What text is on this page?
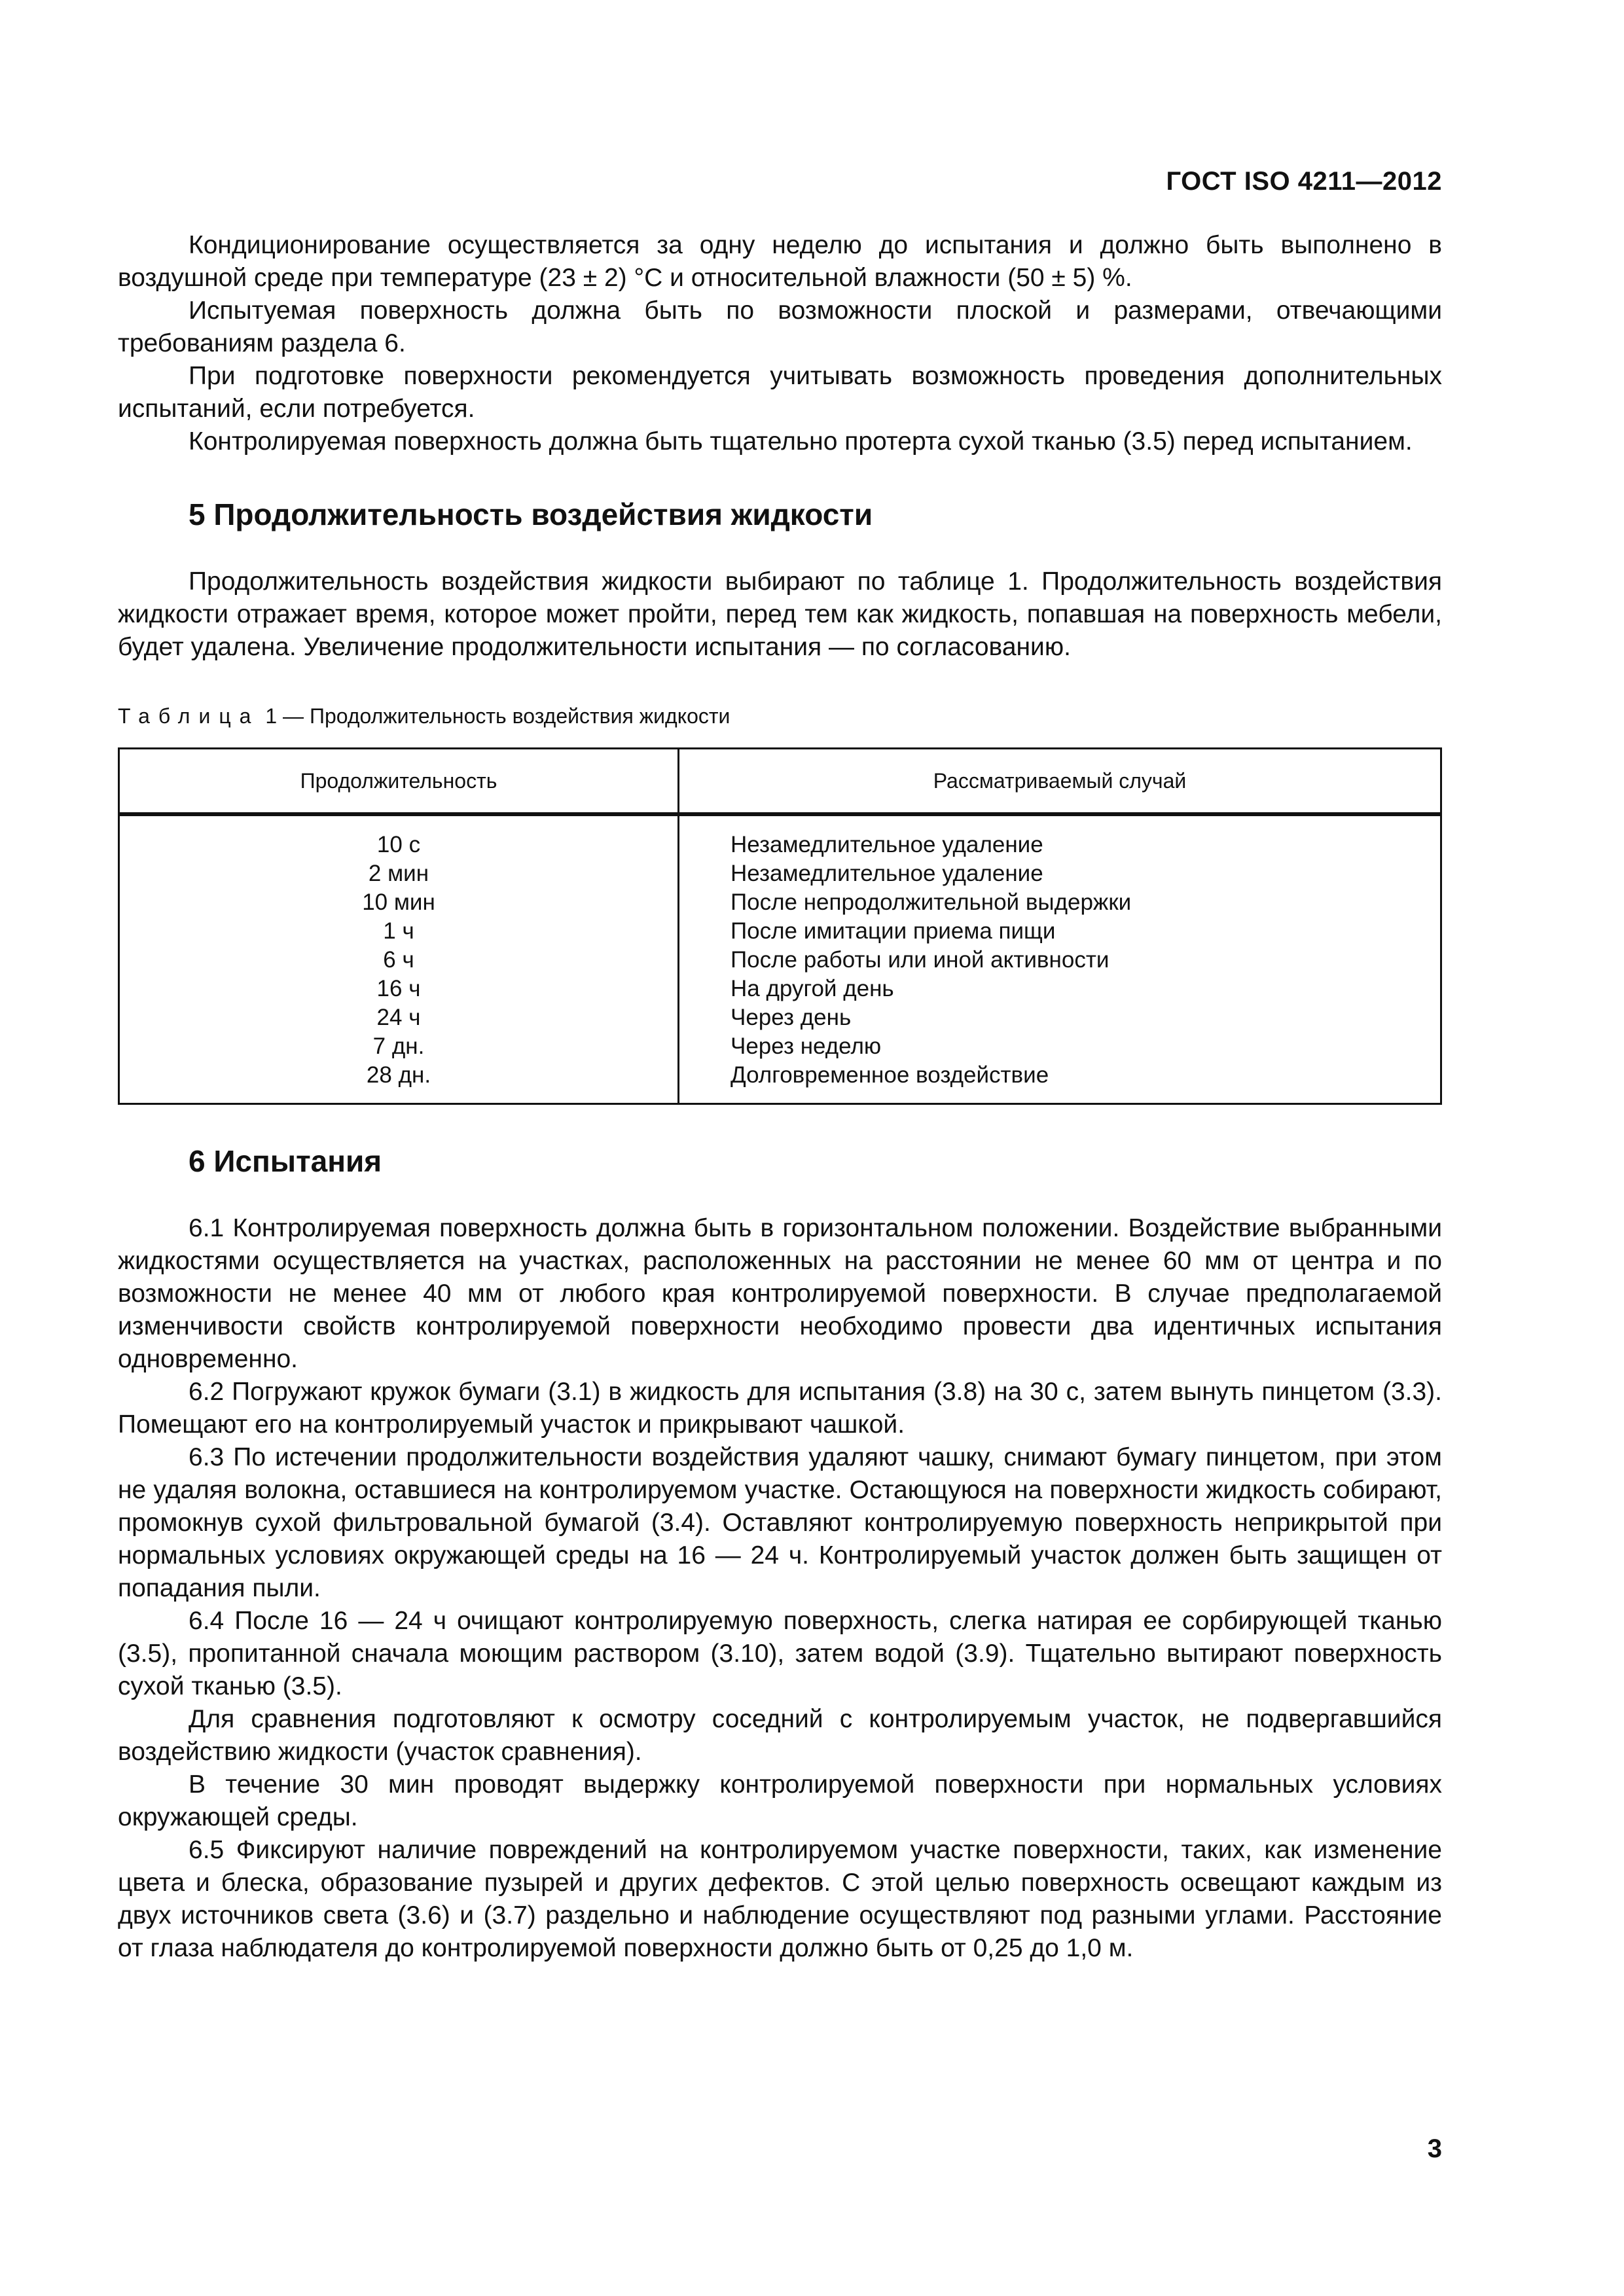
ГОСТ ISO 4211—2012

Кондиционирование осуществляется за одну неделю до испытания и должно быть выполнено в воздушной среде при температуре (23 ± 2) °С и относительной влажности (50 ± 5) %.

Испытуемая поверхность должна быть по возможности плоской и размерами, отвечающими требованиям раздела 6.

При подготовке поверхности рекомендуется учитывать возможность проведения дополнительных испытаний, если потребуется.

Контролируемая поверхность должна быть тщательно протерта сухой тканью (3.5) перед испытанием.

5 Продолжительность воздействия жидкости

Продолжительность воздействия жидкости выбирают по таблице 1. Продолжительность воздействия жидкости отражает время, которое может пройти, перед тем как жидкость, попавшая на поверхность мебели, будет удалена. Увеличение продолжительности испытания — по согласованию.

Таблица 1 — Продолжительность воздействия жидкости
Продолжительность	Рассматриваемый случай
10 с	Незамедлительное удаление
2 мин	Незамедлительное удаление
10 мин	После непродолжительной выдержки
1 ч	После имитации приема пищи
6 ч	После работы или иной активности
16 ч	На другой день
24 ч	Через день
7 дн.	Через неделю
28 дн.	Долговременное воздействие
6 Испытания

6.1 Контролируемая поверхность должна быть в горизонтальном положении. Воздействие выбранными жидкостями осуществляется на участках, расположенных на расстоянии не менее 60 мм от центра и по возможности не менее 40 мм от любого края контролируемой поверхности. В случае предполагаемой изменчивости свойств контролируемой поверхности необходимо провести два идентичных испытания одновременно.

6.2 Погружают кружок бумаги (3.1) в жидкость для испытания (3.8) на 30 с, затем вынуть пинцетом (3.3). Помещают его на контролируемый участок и прикрывают чашкой.

6.3 По истечении продолжительности воздействия удаляют чашку, снимают бумагу пинцетом, при этом не удаляя волокна, оставшиеся на контролируемом участке. Остающуюся на поверхности жидкость собирают, промокнув сухой фильтровальной бумагой (3.4). Оставляют контролируемую поверхность неприкрытой при нормальных условиях окружающей среды на 16 — 24 ч. Контролируемый участок должен быть защищен от попадания пыли.

6.4 После 16 — 24 ч очищают контролируемую поверхность, слегка натирая ее сорбирующей тканью (3.5), пропитанной сначала моющим раствором (3.10), затем водой (3.9). Тщательно вытирают поверхность сухой тканью (3.5).

Для сравнения подготовляют к осмотру соседний с контролируемым участок, не подвергавшийся воздействию жидкости (участок сравнения).

В течение 30 мин проводят выдержку контролируемой поверхности при нормальных условиях окружающей среды.

6.5 Фиксируют наличие повреждений на контролируемом участке поверхности, таких, как изменение цвета и блеска, образование пузырей и других дефектов. С этой целью поверхность освещают каждым из двух источников света (3.6) и (3.7) раздельно и наблюдение осуществляют под разными углами. Расстояние от глаза наблюдателя до контролируемой поверхности должно быть от 0,25 до 1,0 м.

3
